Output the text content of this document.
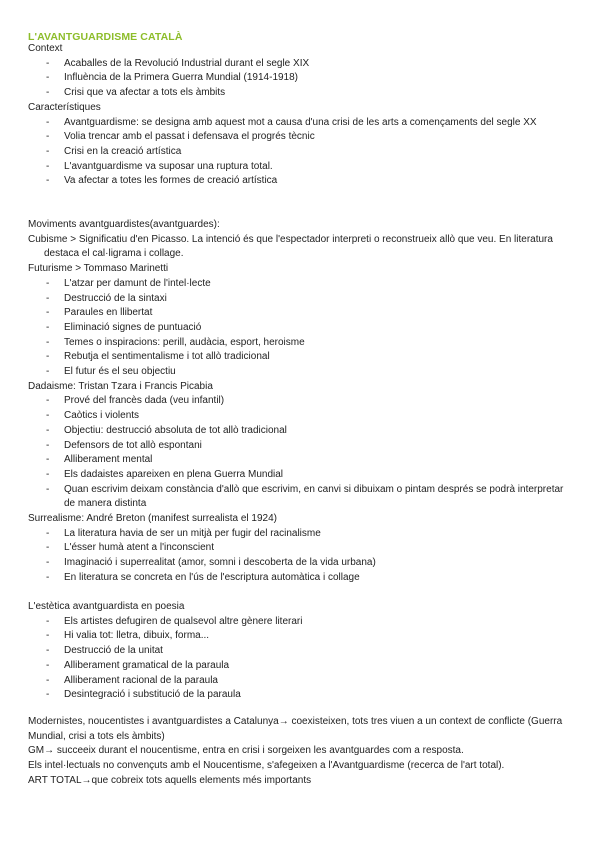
L'AVANTGUARDISME CATALÀ
Context
- Acaballes de la Revolució Industrial durant el segle XIX
- Influència de la Primera Guerra Mundial (1914-1918)
- Crisi que va afectar a tots els àmbits
Característiques
- Avantguardisme: se designa amb aquest mot a causa d'una crisi de les arts a començaments del segle XX
- Volia trencar amb el passat i defensava el progrés tècnic
- Crisi en la creació artística
- L'avantguardisme va suposar una ruptura total.
- Va afectar a totes les formes de creació artística
Moviments avantguardistes(avantguardes):
Cubisme > Significatiu d'en Picasso. La intenció és que l'espectador interpreti o reconstrueix allò que veu. En literatura destaca el cal·ligrama i collage.
Futurisme > Tommaso Marinetti
- L'atzar per damunt de l'intel·lecte
- Destrucció de la sintaxi
- Paraules en llibertat
- Eliminació signes de puntuació
- Temes o inspiracions: perill, audàcia, esport, heroisme
- Rebutja el sentimentalisme i tot allò tradicional
- El futur és el seu objectiu
Dadaisme: Tristan Tzara i Francis Picabia
- Prové del francès dada (veu infantil)
- Caòtics i violents
- Objectiu: destrucció absoluta de tot allò tradicional
- Defensors de tot allò espontani
- Alliberament mental
- Els dadaistes apareixen en plena Guerra Mundial
- Quan escrivim deixam constància d'allò que escrivim, en canvi si dibuixam o pintam després se podrà interpretar de manera distinta
Surrealisme: André Breton (manifest surrealista el 1924)
- La literatura havia de ser un mitjà per fugir del racinalisme
- L'ésser humà atent a l'inconscient
- Imaginació i superrealitat (amor, somni i descoberta de la vida urbana)
- En literatura se concreta en l'ús de l'escriptura automàtica i collage
L'estètica avantguardista en poesia
- Els artistes defugiren de qualsevol altre gènere literari
- Hi valia tot: lletra, dibuix, forma...
- Destrucció de la unitat
- Alliberament gramatical de la paraula
- Alliberament racional de la paraula
- Desintegració i substitució de la paraula
Modernistes, noucentistes i avantguardistes a Catalunya→ coexisteixen, tots tres viuen a un context de conflicte (Guerra Mundial, crisi a tots els àmbits)
GM→ succeeix durant el noucentisme, entra en crisi i sorgeixen les avantguardes com a resposta.
Els intel·lectuals no convençuts amb el Noucentisme, s'afegeixen a l'Avantguardisme (recerca de l'art total).
ART TOTAL→que cobreix tots aquells elements més importants
